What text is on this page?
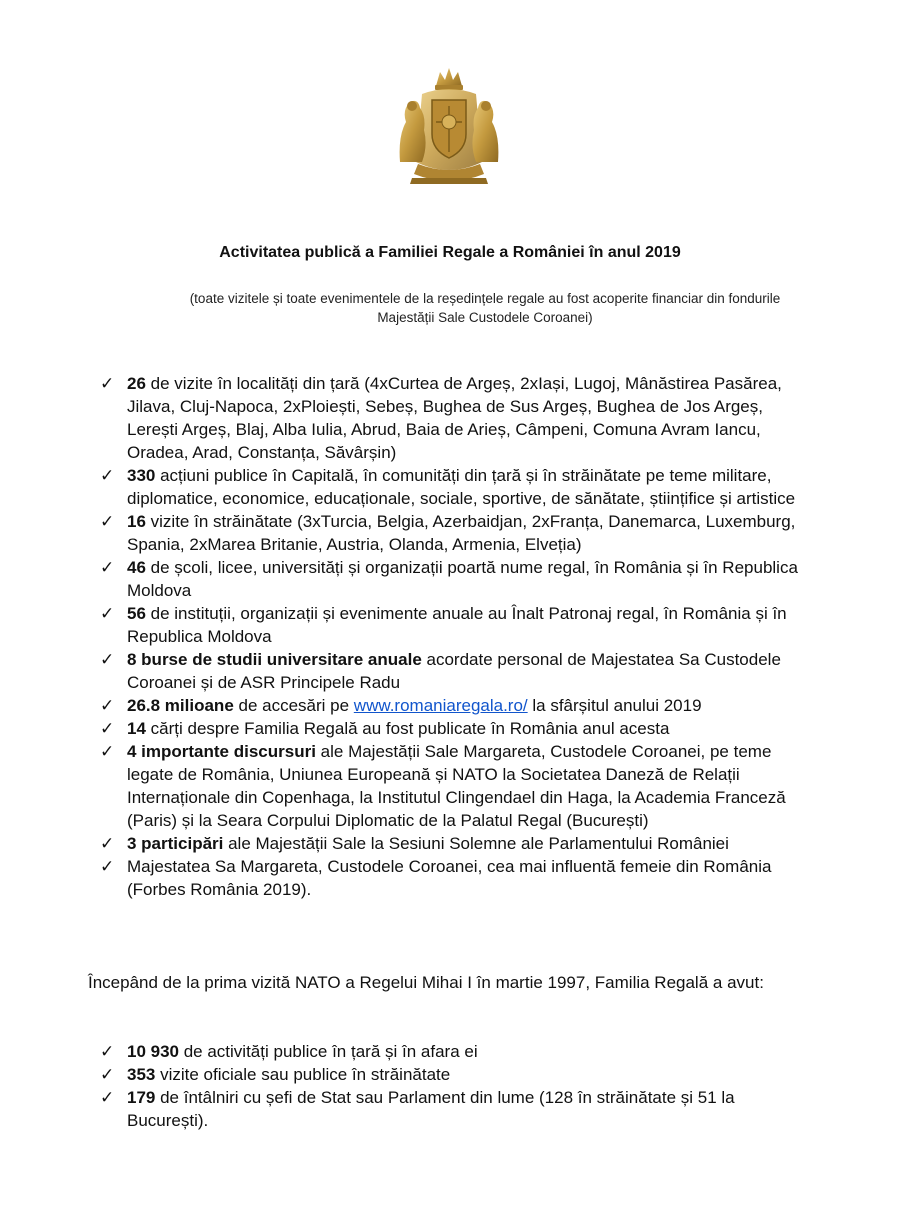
Activitatea publică a Familiei Regale a României în anul 2019
(toate vizitele și toate evenimentele de la reședințele regale au fost acoperite financiar din fondurile Majestății Sale Custodele Coroanei)
✓ 26 de vizite în localități din țară (4xCurtea de Argeș, 2xIași, Lugoj, Mânăstirea Pasărea, Jilava, Cluj-Napoca, 2xPloiești, Sebeș, Bughea de Sus Argeș, Bughea de Jos Argeș, Lerești Argeș, Blaj, Alba Iulia, Abrud, Baia de Arieș, Câmpeni, Comuna Avram Iancu, Oradea, Arad, Constanța, Săvârșin)
✓ 330 acțiuni publice în Capitală, în comunități din țară și în străinătate pe teme militare, diplomatice, economice, educaționale, sociale, sportive, de sănătate, științifice și artistice
✓ 16 vizite în străinătate (3xTurcia, Belgia, Azerbaidjan, 2xFranța, Danemarca, Luxemburg, Spania, 2xMarea Britanie, Austria, Olanda, Armenia, Elveția)
✓ 46 de școli, licee, universități și organizații poartă nume regal, în România și în Republica Moldova
✓ 56 de instituții, organizații și evenimente anuale au Înalt Patronaj regal, în România și în Republica Moldova
✓ 8 burse de studii universitare anuale acordate personal de Majestatea Sa Custodele Coroanei și de ASR Principele Radu
✓ 26.8 milioane de accesări pe www.romaniaregala.ro/ la sfârșitul anului 2019
✓ 14 cărți despre Familia Regală au fost publicate în România anul acesta
✓ 4 importante discursuri ale Majestății Sale Margareta, Custodele Coroanei, pe teme legate de România, Uniunea Europeană și NATO la Societatea Daneză de Relații Internaționale din Copenhaga, la Institutul Clingendael din Haga, la Academia Franceză (Paris) și la Seara Corpului Diplomatic de la Palatul Regal (București)
✓ 3 participări ale Majestății Sale la Sesiuni Solemne ale Parlamentului României
✓ Majestatea Sa Margareta, Custodele Coroanei, cea mai influentă femeie din România (Forbes România 2019).
Începând de la prima vizită NATO a Regelui Mihai I în martie 1997, Familia Regală a avut:
✓ 10 930 de activități publice în țară și în afara ei
✓ 353 vizite oficiale sau publice în străinătate
✓ 179 de întâlniri cu șefi de Stat sau Parlament din lume (128 în străinătate și 51 la București).
